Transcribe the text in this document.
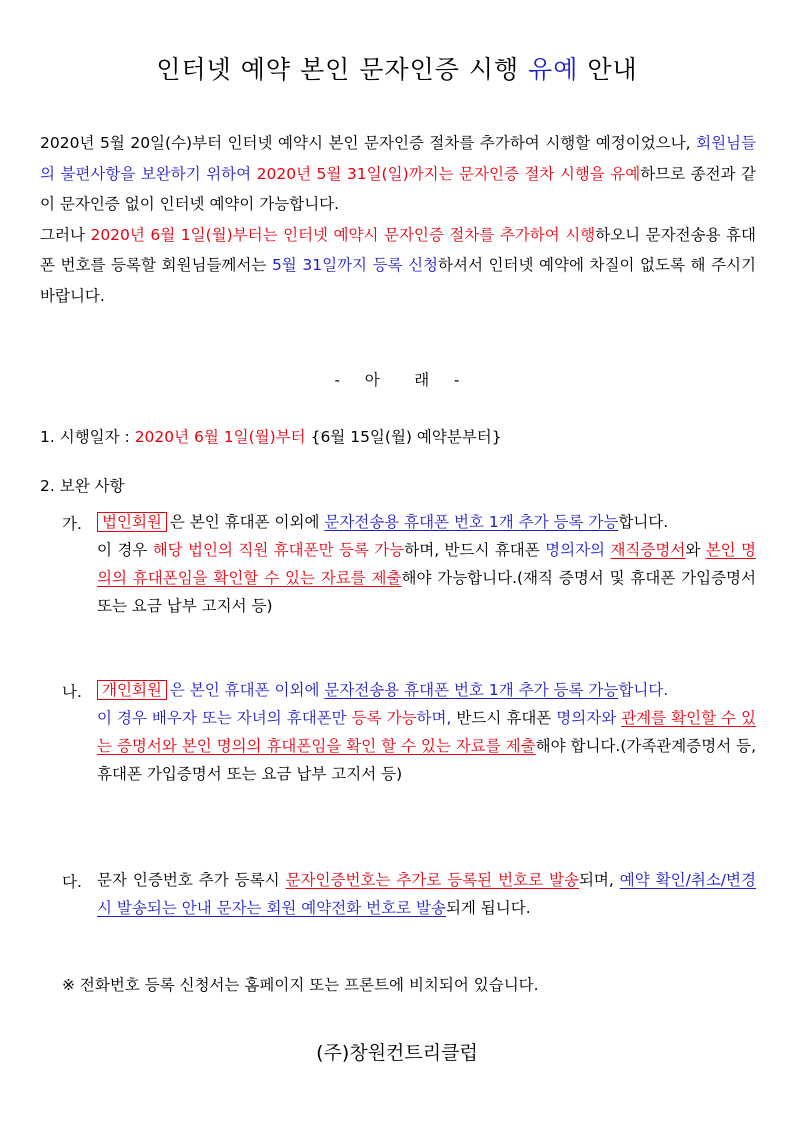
인터넷 예약 본인 문자인증 시행 유예 안내

2020년 5월 20일(수)부터 인터넷 예약시 본인 문자인증 절차를 추가하여 시행할 예정이었으나, 회원님들의 불편사항을 보완하기 위하여 2020년 5월 31일(일)까지는 문자인증 절차 시행을 유예하므로 종전과 같이 문자인증 없이 인터넷 예약이 가능합니다.

그러나 2020년 6월 1일(월)부터는 인터넷 예약시 문자인증 절차를 추가하여 시행하오니 문자전송용 휴대폰 번호를 등록할 회원님들께서는 5월 31일까지 등록 신청하셔서 인터넷 예약에 차질이 없도록 해 주시기 바랍니다.

-     아       래     -
1. 시행일자 : 2020년 6월 1일(월)부터 {6월 15일(월) 예약분부터}
2. 보완 사항
가.	법인회원 은 본인 휴대폰 이외에 문자전송용 휴대폰 번호 1개 추가 등록 가능합니다.

이 경우 해당 법인의 직원 휴대폰만 등록 가능하며, 반드시 휴대폰 명의자의 재직증명서와 본인 명의의 휴대폰임을 확인할 수 있는 자료를 제출해야 가능합니다.(재직 증명서 및 휴대폰 가입증명서 또는 요금 납부 고지서 등)

나.	개인회원 은 본인 휴대폰 이외에 문자전송용 휴대폰 번호 1개 추가 등록 가능합니다.

이 경우 배우자 또는 자녀의 휴대폰만 등록 가능하며, 반드시 휴대폰 명의자와 관계를 확인할 수 있는 증명서와 본인 명의의 휴대폰임을 확인 할 수 있는 자료를 제출해야 합니다.(가족관계증명서 등, 휴대폰 가입증명서 또는 요금 납부 고지서 등)

다. 문자 인증번호 추가 등록시 문자인증번호는 추가로 등록된 번호로 발송되며, 예약 확인/취소/변경시 발송되는 안내 문자는 회원 예약전화 번호로 발송되게 됩니다.

※ 전화번호 등록 신청서는 홈페이지 또는 프론트에 비치되어 있습니다.
(주)창원컨트리클럽
